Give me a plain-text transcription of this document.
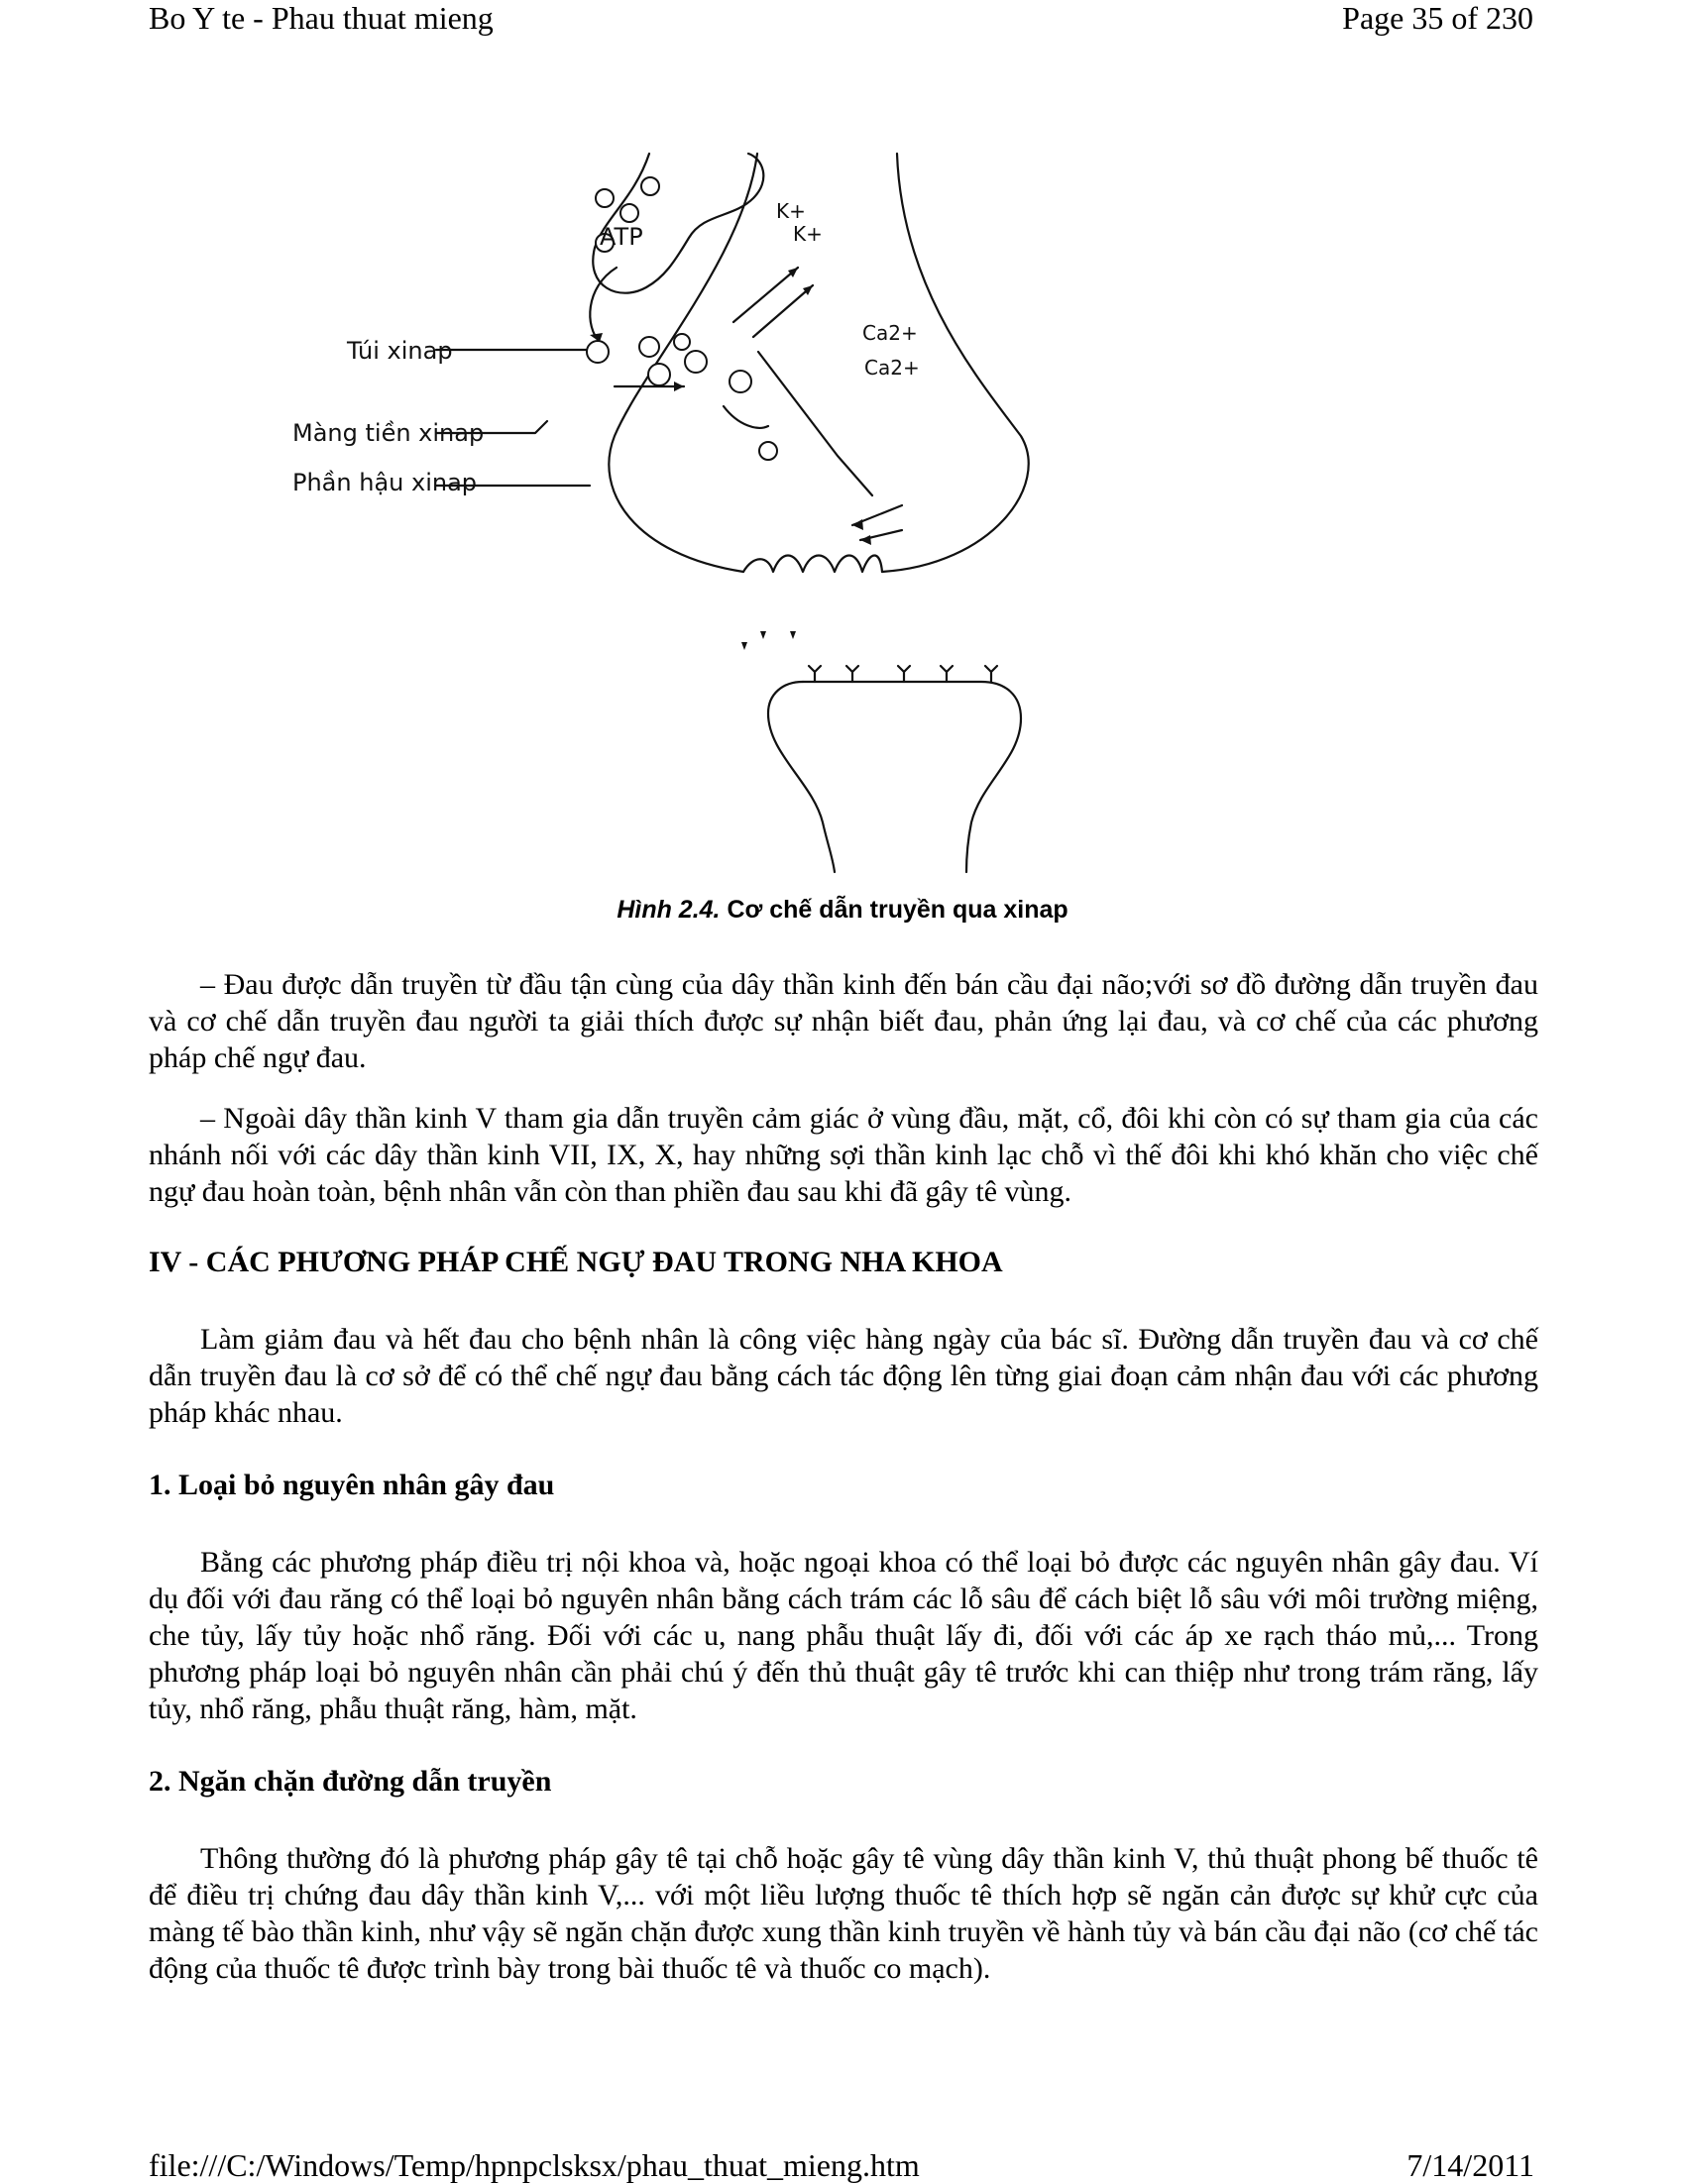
Bo Y te - Phau thuat mieng	Page 35 of 230
Túi xinap
Màng tiền xinap
Phần hậu xinap
ATP
K+
K+
Ca2+
Ca2+
Hình 2.4. Cơ chế dẫn truyền qua xinap

– Đau được dẫn truyền từ đầu tận cùng của dây thần kinh đến bán cầu đại não;với sơ đồ đường dẫn truyền đau và cơ chế dẫn truyền đau người ta giải thích được sự nhận biết đau, phản ứng lại đau, và cơ chế của các phương pháp chế ngự đau.

– Ngoài dây thần kinh V tham gia dẫn truyền cảm giác ở vùng đầu, mặt, cổ, đôi khi còn có sự tham gia của các nhánh nối với các dây thần kinh VII, IX, X, hay những sợi thần kinh lạc chỗ vì thế đôi khi khó khăn cho việc chế ngự đau hoàn toàn, bệnh nhân vẫn còn than phiền đau sau khi đã gây tê vùng.

IV - CÁC PHƯƠNG PHÁP CHẾ NGỰ ĐAU TRONG NHA KHOA

Làm giảm đau và hết đau cho bệnh nhân là công việc hàng ngày của bác sĩ. Đường dẫn truyền đau và cơ chế dẫn truyền đau là cơ sở để có thể chế ngự đau bằng cách tác động lên từng giai đoạn cảm nhận đau với các phương pháp khác nhau.

1. Loại bỏ nguyên nhân gây đau

Bằng các phương pháp điều trị nội khoa và, hoặc ngoại khoa có thể loại bỏ được các nguyên nhân gây đau. Ví dụ đối với đau răng có thể loại bỏ nguyên nhân bằng cách trám các lỗ sâu để cách biệt lỗ sâu với môi trường miệng, che tủy, lấy tủy hoặc nhổ răng. Đối với các u, nang phẫu thuật lấy đi, đối với các áp xe rạch tháo mủ,... Trong phương pháp loại bỏ nguyên nhân cần phải chú ý đến thủ thuật gây tê trước khi can thiệp như trong trám răng, lấy tủy, nhổ răng, phẫu thuật răng, hàm, mặt.

2. Ngăn chặn đường dẫn truyền

Thông thường đó là phương pháp gây tê tại chỗ hoặc gây tê vùng dây thần kinh V, thủ thuật phong bế thuốc tê để điều trị chứng đau dây thần kinh V,... với một liều lượng thuốc tê thích hợp sẽ ngăn cản được sự khử cực của màng tế bào thần kinh, như vậy sẽ ngăn chặn được xung thần kinh truyền về hành tủy và bán cầu đại não (cơ chế tác động của thuốc tê được trình bày trong bài thuốc tê và thuốc co mạch).

file:///C:/Windows/Temp/hpnpclsksx/phau_thuat_mieng.htm	7/14/2011
